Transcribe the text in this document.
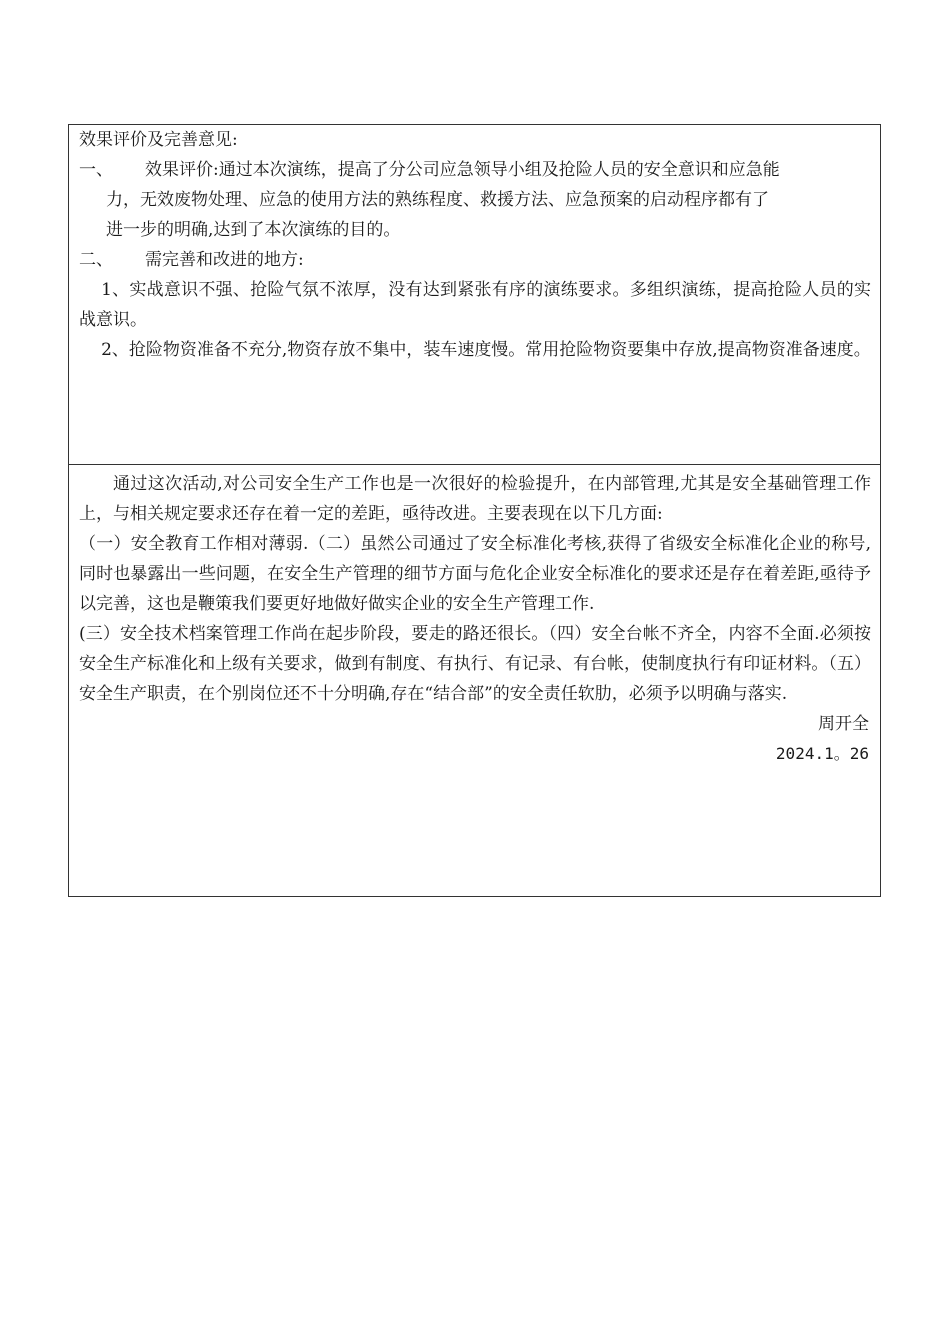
效果评价及完善意见:

一、	效果评价:通过本次演练，提高了分公司应急领导小组及抢险人员的安全意识和应急能

力，无效废物处理、应急的使用方法的熟练程度、救援方法、应急预案的启动程序都有了

进一步的明确,达到了本次演练的目的。

二、	需完善和改进的地方:

1、实战意识不强、抢险气氛不浓厚，没有达到紧张有序的演练要求。多组织演练，提高抢险人员的实战意识。

2、抢险物资准备不充分,物资存放不集中，装车速度慢。常用抢险物资要集中存放,提高物资准备速度。

通过这次活动,对公司安全生产工作也是一次很好的检验提升，在内部管理,尤其是安全基础管理工作上，与相关规定要求还存在着一定的差距，亟待改进。主要表现在以下几方面:

（一）安全教育工作相对薄弱.（二）虽然公司通过了安全标准化考核,获得了省级安全标准化企业的称号,同时也暴露出一些问题，在安全生产管理的细节方面与危化企业安全标准化的要求还是存在着差距,亟待予以完善，这也是鞭策我们要更好地做好做实企业的安全生产管理工作.

(三）安全技术档案管理工作尚在起步阶段，要走的路还很长。（四）安全台帐不齐全，内容不全面.必须按安全生产标准化和上级有关要求，做到有制度、有执行、有记录、有台帐，使制度执行有印证材料。（五）安全生产职责，在个别岗位还不十分明确,存在“结合部”的安全责任软肋，必须予以明确与落实.

周开全

2024.1。26
